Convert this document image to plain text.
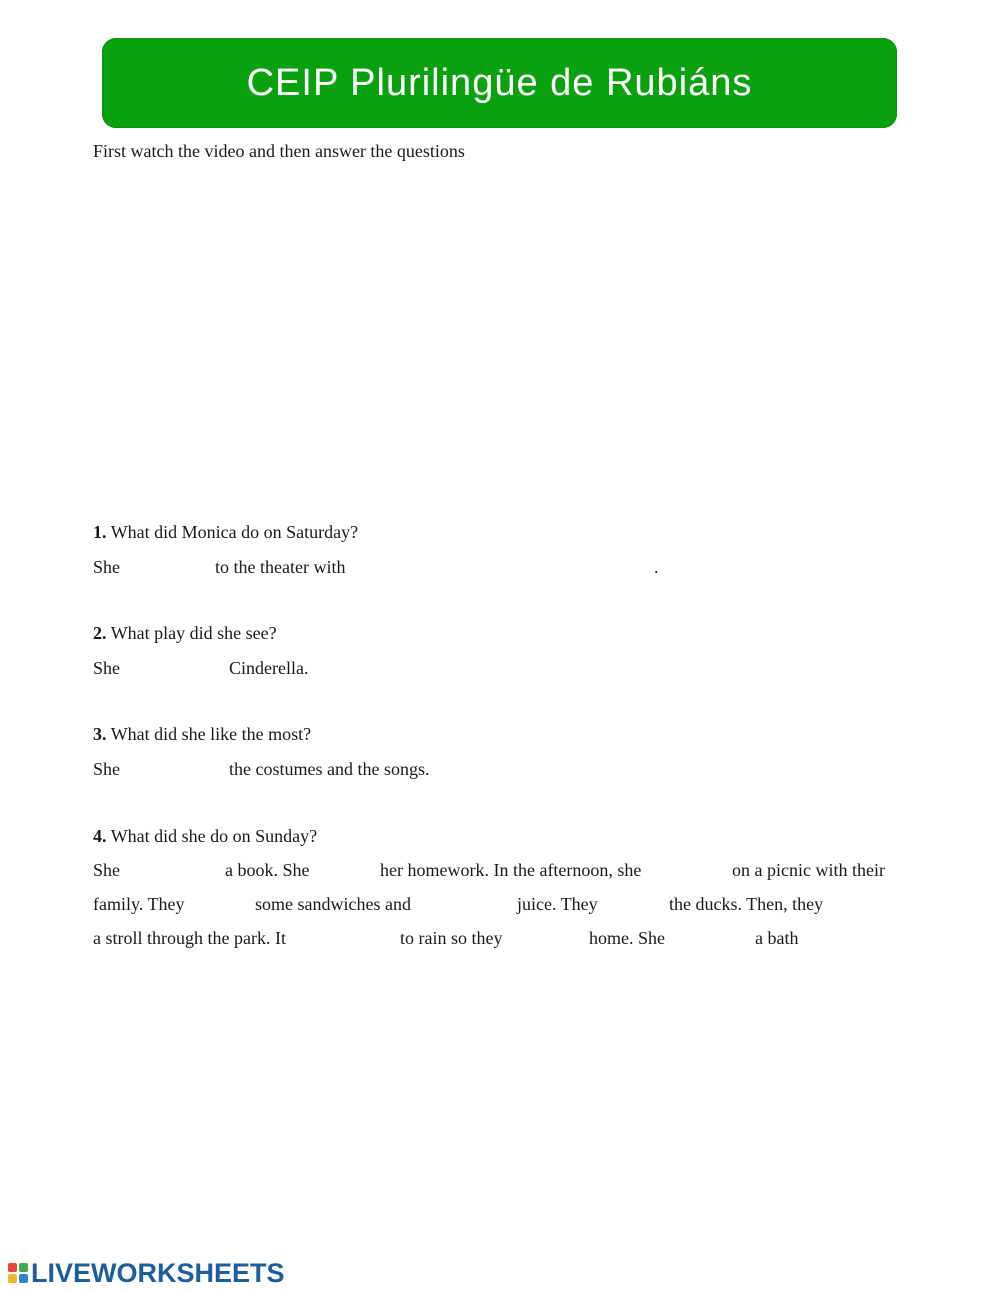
CEIP Plurilingüe de Rubiáns
First watch the video and then answer the questions
1. What did Monica do on Saturday?
She	to the theater with	.
2. What play did she see?
She	Cinderella.
3. What did she like the most?
She	the costumes and the songs.
4. What did she do on Sunday?
She	a book. She	her homework. In the afternoon, she	on a picnic with their
family. They	some sandwiches and	juice. They	the ducks. Then, they
a stroll through the park. It	to rain so they	home. She	a bath
LIVEWORKSHEETS
